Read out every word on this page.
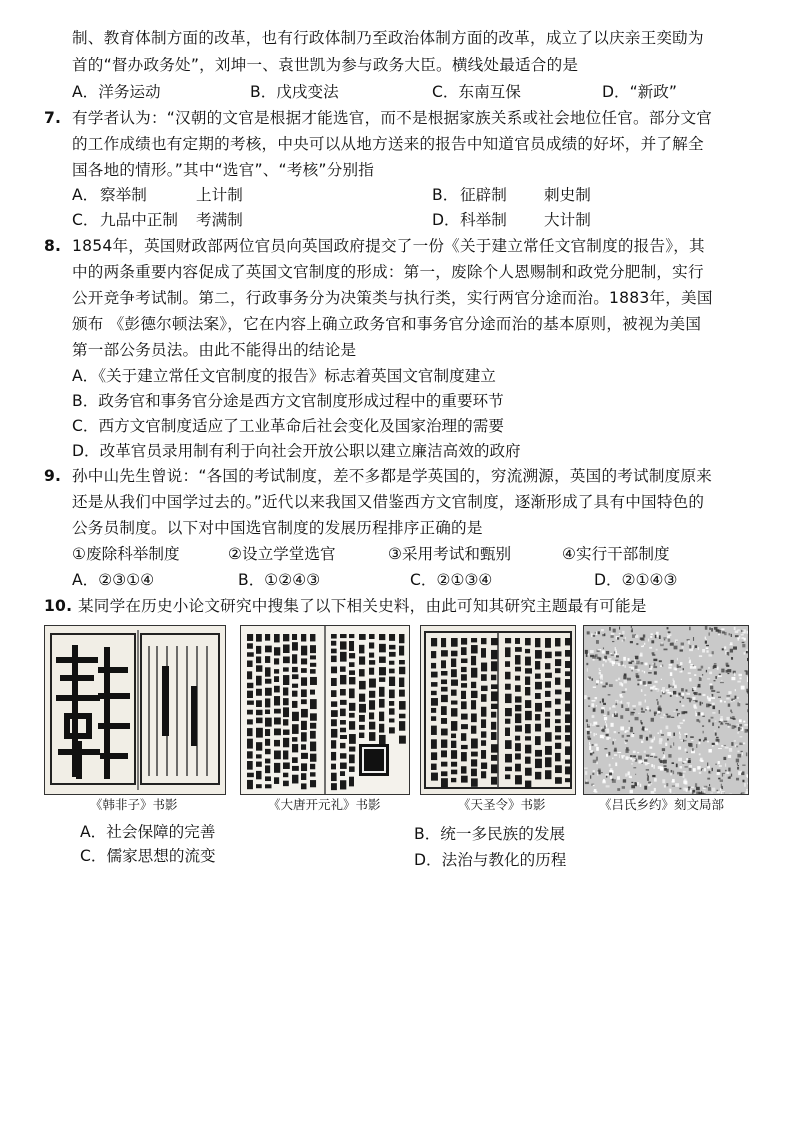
制、教育体制方面的改革，也有行政体制乃至政治体制方面的改革，成立了以庆亲王奕劻为
首的“督办政务处”，刘坤一、袁世凯为参与政务大臣。横线处最适合的是
A．洋务运动	B．戊戌变法	C．东南互保	D．“新政”
7. 有学者认为：“汉朝的文官是根据才能选官，而不是根据家族关系或社会地位任官。部分文官
的工作成绩也有定期的考核，中央可以从地方送来的报告中知道官员成绩的好坏，并了解全
国各地的情形。”其中“选官”、“考核”分别指
A． 察举制	上计制	B． 征辟制 刺史制
C． 九品中正制 考满制	D． 科举制 大计制
8. 1854年，英国财政部两位官员向英国政府提交了一份《关于建立常任文官制度的报告》，其
中的两条重要内容促成了英国文官制度的形成：第一，废除个人恩赐制和政党分肥制，实行
公开竞争考试制。第二，行政事务分为决策类与执行类，实行两官分途而治。1883年，美国
颁布 《彭德尔顿法案》，它在内容上确立政务官和事务官分途而治的基本原则，被视为美国
第一部公务员法。由此不能得出的结论是
A．《关于建立常任文官制度的报告》标志着英国文官制度建立
B．政务官和事务官分途是西方文官制度形成过程中的重要环节
C．西方文官制度适应了工业革命后社会变化及国家治理的需要
D．改革官员录用制有利于向社会开放公职以建立廉洁高效的政府
9. 孙中山先生曾说：“各国的考试制度，差不多都是学英国的，穷流溯源，英国的考试制度原来
还是从我们中国学过去的。”近代以来我国又借鉴西方文官制度，逐渐形成了具有中国特色的
公务员制度。以下对中国选官制度的发展历程排序正确的是
①废除科举制度	②设立学堂选官	③采用考试和甄别	④实行干部制度
A．②③①④	B．①②④③	C．②①③④	D．②①④③
10. 某同学在历史小论文研究中搜集了以下相关史料，由此可知其研究主题最有可能是
《韩非子》书影	《大唐开元礼》书影	《天圣令》书影	《吕氏乡约》刻文局部
A．社会保障的完善	B．统一多民族的发展
C．儒家思想的流变	D．法治与教化的历程
